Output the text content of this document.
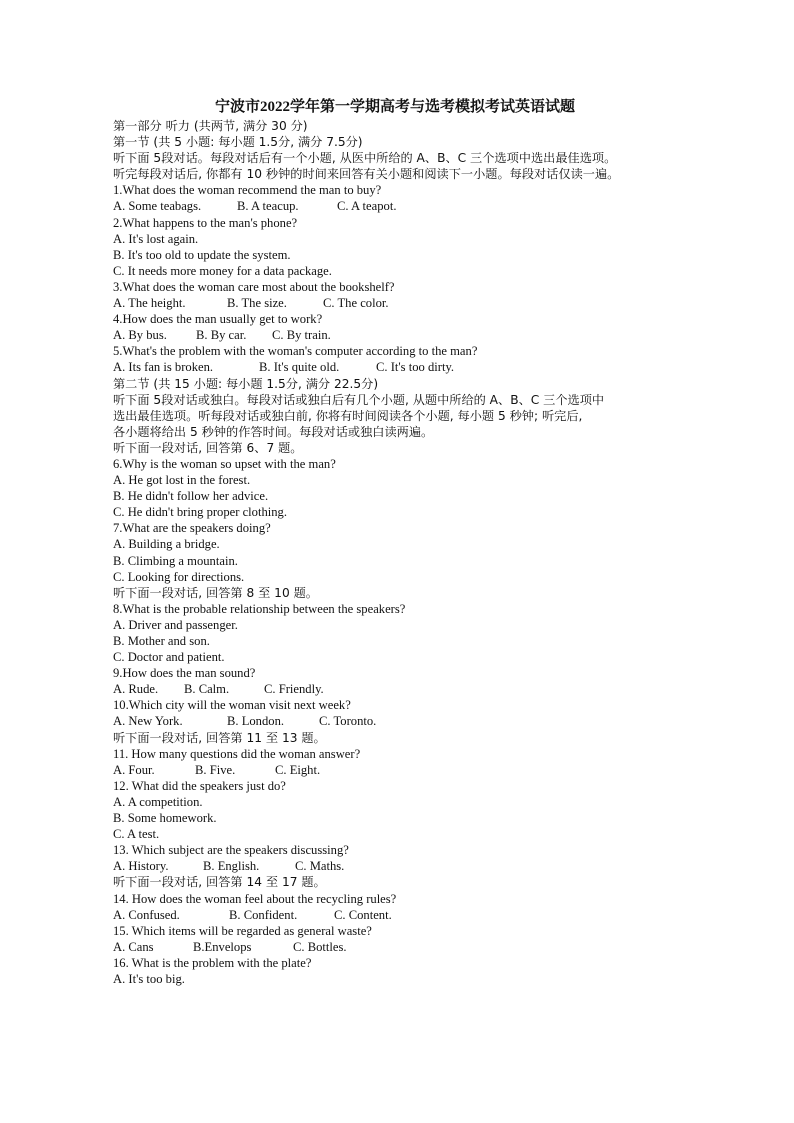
宁波市2022学年第一学期高考与选考模拟考试英语试题
第一部分 听力 (共两节, 满分 30 分)
第一节 (共 5 小题: 每小题 1.5分, 满分 7.5分)
听下面 5段对话。每段对话后有一个小题, 从医中所给的 A、B、C 三个选项中选出最佳选项。
听完每段对话后, 你都有 10 秒钟的时间来回答有关小题和阅读下一小题。每段对话仅读一遍。
1.What does the woman recommend the man to buy?
A. Some teabags.	B. A teacup.	C. A teapot.
2.What happens to the man's phone?
A. It's lost again.
B. It's too old to update the system.
C. It needs more money for a data package.
3.What does the woman care most about the bookshelf?
A. The height.	B. The size.	C. The color.
4.How does the man usually get to work?
A. By bus. B. By car. C. By train.
5.What's the problem with the woman's computer according to the man?
A. Its fan is broken.	B. It's quite old.	C. It's too dirty.
第二节 (共 15 小题: 每小题 1.5分, 满分 22.5分)
听下面 5段对话或独白。每段对话或独白后有几个小题, 从题中所给的 A、B、C 三个选项中
选出最佳选项。听每段对话或独白前, 你将有时间阅读各个小题, 每小题 5 秒钟; 听完后,
各小题将给出 5 秒钟的作答时间。每段对话或独白读两遍。
听下面一段对话, 回答第 6、7 题。
6.Why is the woman so upset with the man?
A. He got lost in the forest.
B. He didn't follow her advice.
C. He didn't bring proper clothing.
7.What are the speakers doing?
A. Building a bridge.
B. Climbing a mountain.
C. Looking for directions.
听下面一段对话, 回答第 8 至 10 题。
8.What is the probable relationship between the speakers?
A. Driver and passenger.
B. Mother and son.
C. Doctor and patient.
9.How does the man sound?
A. Rude. B. Calm.	C. Friendly.
10.Which city will the woman visit next week?
A. New York.	B. London.	C. Toronto.
听下面一段对话, 回答第 11 至 13 题。
11. How many questions did the woman answer?
A. Four.	B. Five.	C. Eight.
12. What did the speakers just do?
A. A competition.
B. Some homework.
C. A test.
13. Which subject are the speakers discussing?
A. History.	B. English.	C. Maths.
听下面一段对话, 回答第 14 至 17 题。
14. How does the woman feel about the recycling rules?
A. Confused.	B. Confident.	C. Content.
15. Which items will be regarded as general waste?
A. Cans	B.Envelops	C. Bottles.
16. What is the problem with the plate?
A. It's too big.
